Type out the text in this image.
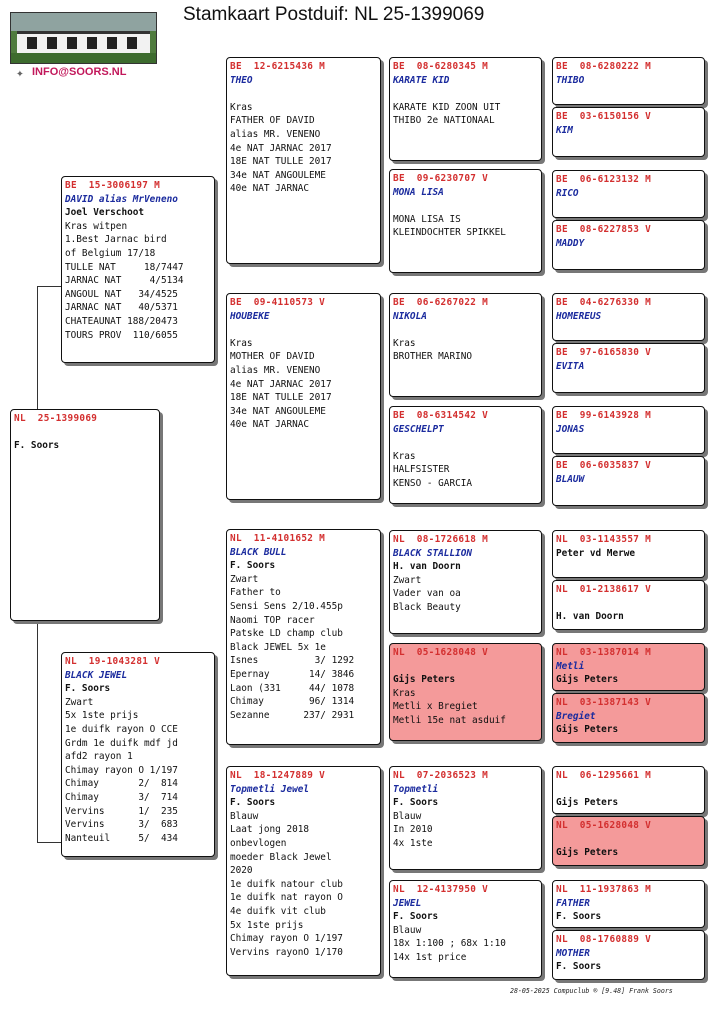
Stamkaart Postduif: NL 25-1399069
✦ INFO@SOORS.NL
NL  25-1399069

F. Soors
BE  15-3006197 M
DAVID alias MrVeneno
Joel Verschoot
Kras witpen
1.Best Jarnac bird
of Belgium 17/18
TULLE NAT     18/7447
JARNAC NAT     4/5134
ANGOUL NAT   34/4525
JARNAC NAT   40/5371
CHATEAUNAT 188/20473
TOURS PROV  110/6055
NL  19-1043281 V
BLACK JEWEL
F. Soors
Zwart
5x 1ste prijs
1e duifk rayon O CCE
Grdm 1e duifk mdf jd
afd2 rayon 1
Chimay rayon O 1/197
Chimay       2/  814
Chimay       3/  714
Vervins      1/  235
Vervins      3/  683
Nanteuil     5/  434
BE  12-6215436 M
THEO

Kras
FATHER OF DAVID
alias MR. VENENO
4e NAT JARNAC 2017
18E NAT TULLE 2017
34e NAT ANGOULEME
40e NAT JARNAC
BE  09-4110573 V
HOUBEKE

Kras
MOTHER OF DAVID
alias MR. VENENO
4e NAT JARNAC 2017
18E NAT TULLE 2017
34e NAT ANGOULEME
40e NAT JARNAC
NL  11-4101652 M
BLACK BULL
F. Soors
Zwart
Father to
Sensi Sens 2/10.455p
Naomi TOP racer
Patske LD champ club
Black JEWEL 5x 1e
Isnes          3/ 1292
Epernay       14/ 3846
Laon (331     44/ 1078
Chimay        96/ 1314
Sezanne      237/ 2931
NL  18-1247889 V
Topmetli Jewel
F. Soors
Blauw
Laat jong 2018
onbevlogen
moeder Black Jewel
2020
1e duifk natour club
1e duifk nat rayon O
4e duifk vit club
5x 1ste prijs
Chimay rayon O 1/197
Vervins rayonO 1/170
BE  08-6280345 M
KARATE KID

KARATE KID ZOON UIT
THIBO 2e NATIONAAL
BE  09-6230707 V
MONA LISA

MONA LISA IS
KLEINDOCHTER SPIKKEL
BE  06-6267022 M
NIKOLA

Kras
BROTHER MARINO
BE  08-6314542 V
GESCHELPT

Kras
HALFSISTER
KENSO - GARCIA
NL  08-1726618 M
BLACK STALLION
H. van Doorn
Zwart
Vader van oa
Black Beauty
NL  05-1628048 V

Gijs Peters
Kras
Metli x Bregiet
Metli 15e nat asduif
NL  07-2036523 M
Topmetli
F. Soors
Blauw
In 2010
4x 1ste
NL  12-4137950 V
JEWEL
F. Soors
Blauw
18x 1:100 ; 68x 1:10
14x 1st price
BE  08-6280222 M
THIBO
BE  03-6150156 V
KIM
BE  06-6123132 M
RICO
BE  08-6227853 V
MADDY
BE  04-6276330 M
HOMEREUS
BE  97-6165830 V
EVITA
BE  99-6143928 M
JONAS
BE  06-6035837 V
BLAUW
NL  03-1143557 M
Peter vd Merwe
NL  01-2138617 V

H. van Doorn
NL  03-1387014 M
Metli
Gijs Peters
NL  03-1387143 V
Bregiet
Gijs Peters
NL  06-1295661 M

Gijs Peters
NL  05-1628048 V

Gijs Peters
NL  11-1937863 M
FATHER
F. Soors
NL  08-1760889 V
MOTHER
F. Soors
28-05-2025 Compuclub ® [9.48] Frank Soors
